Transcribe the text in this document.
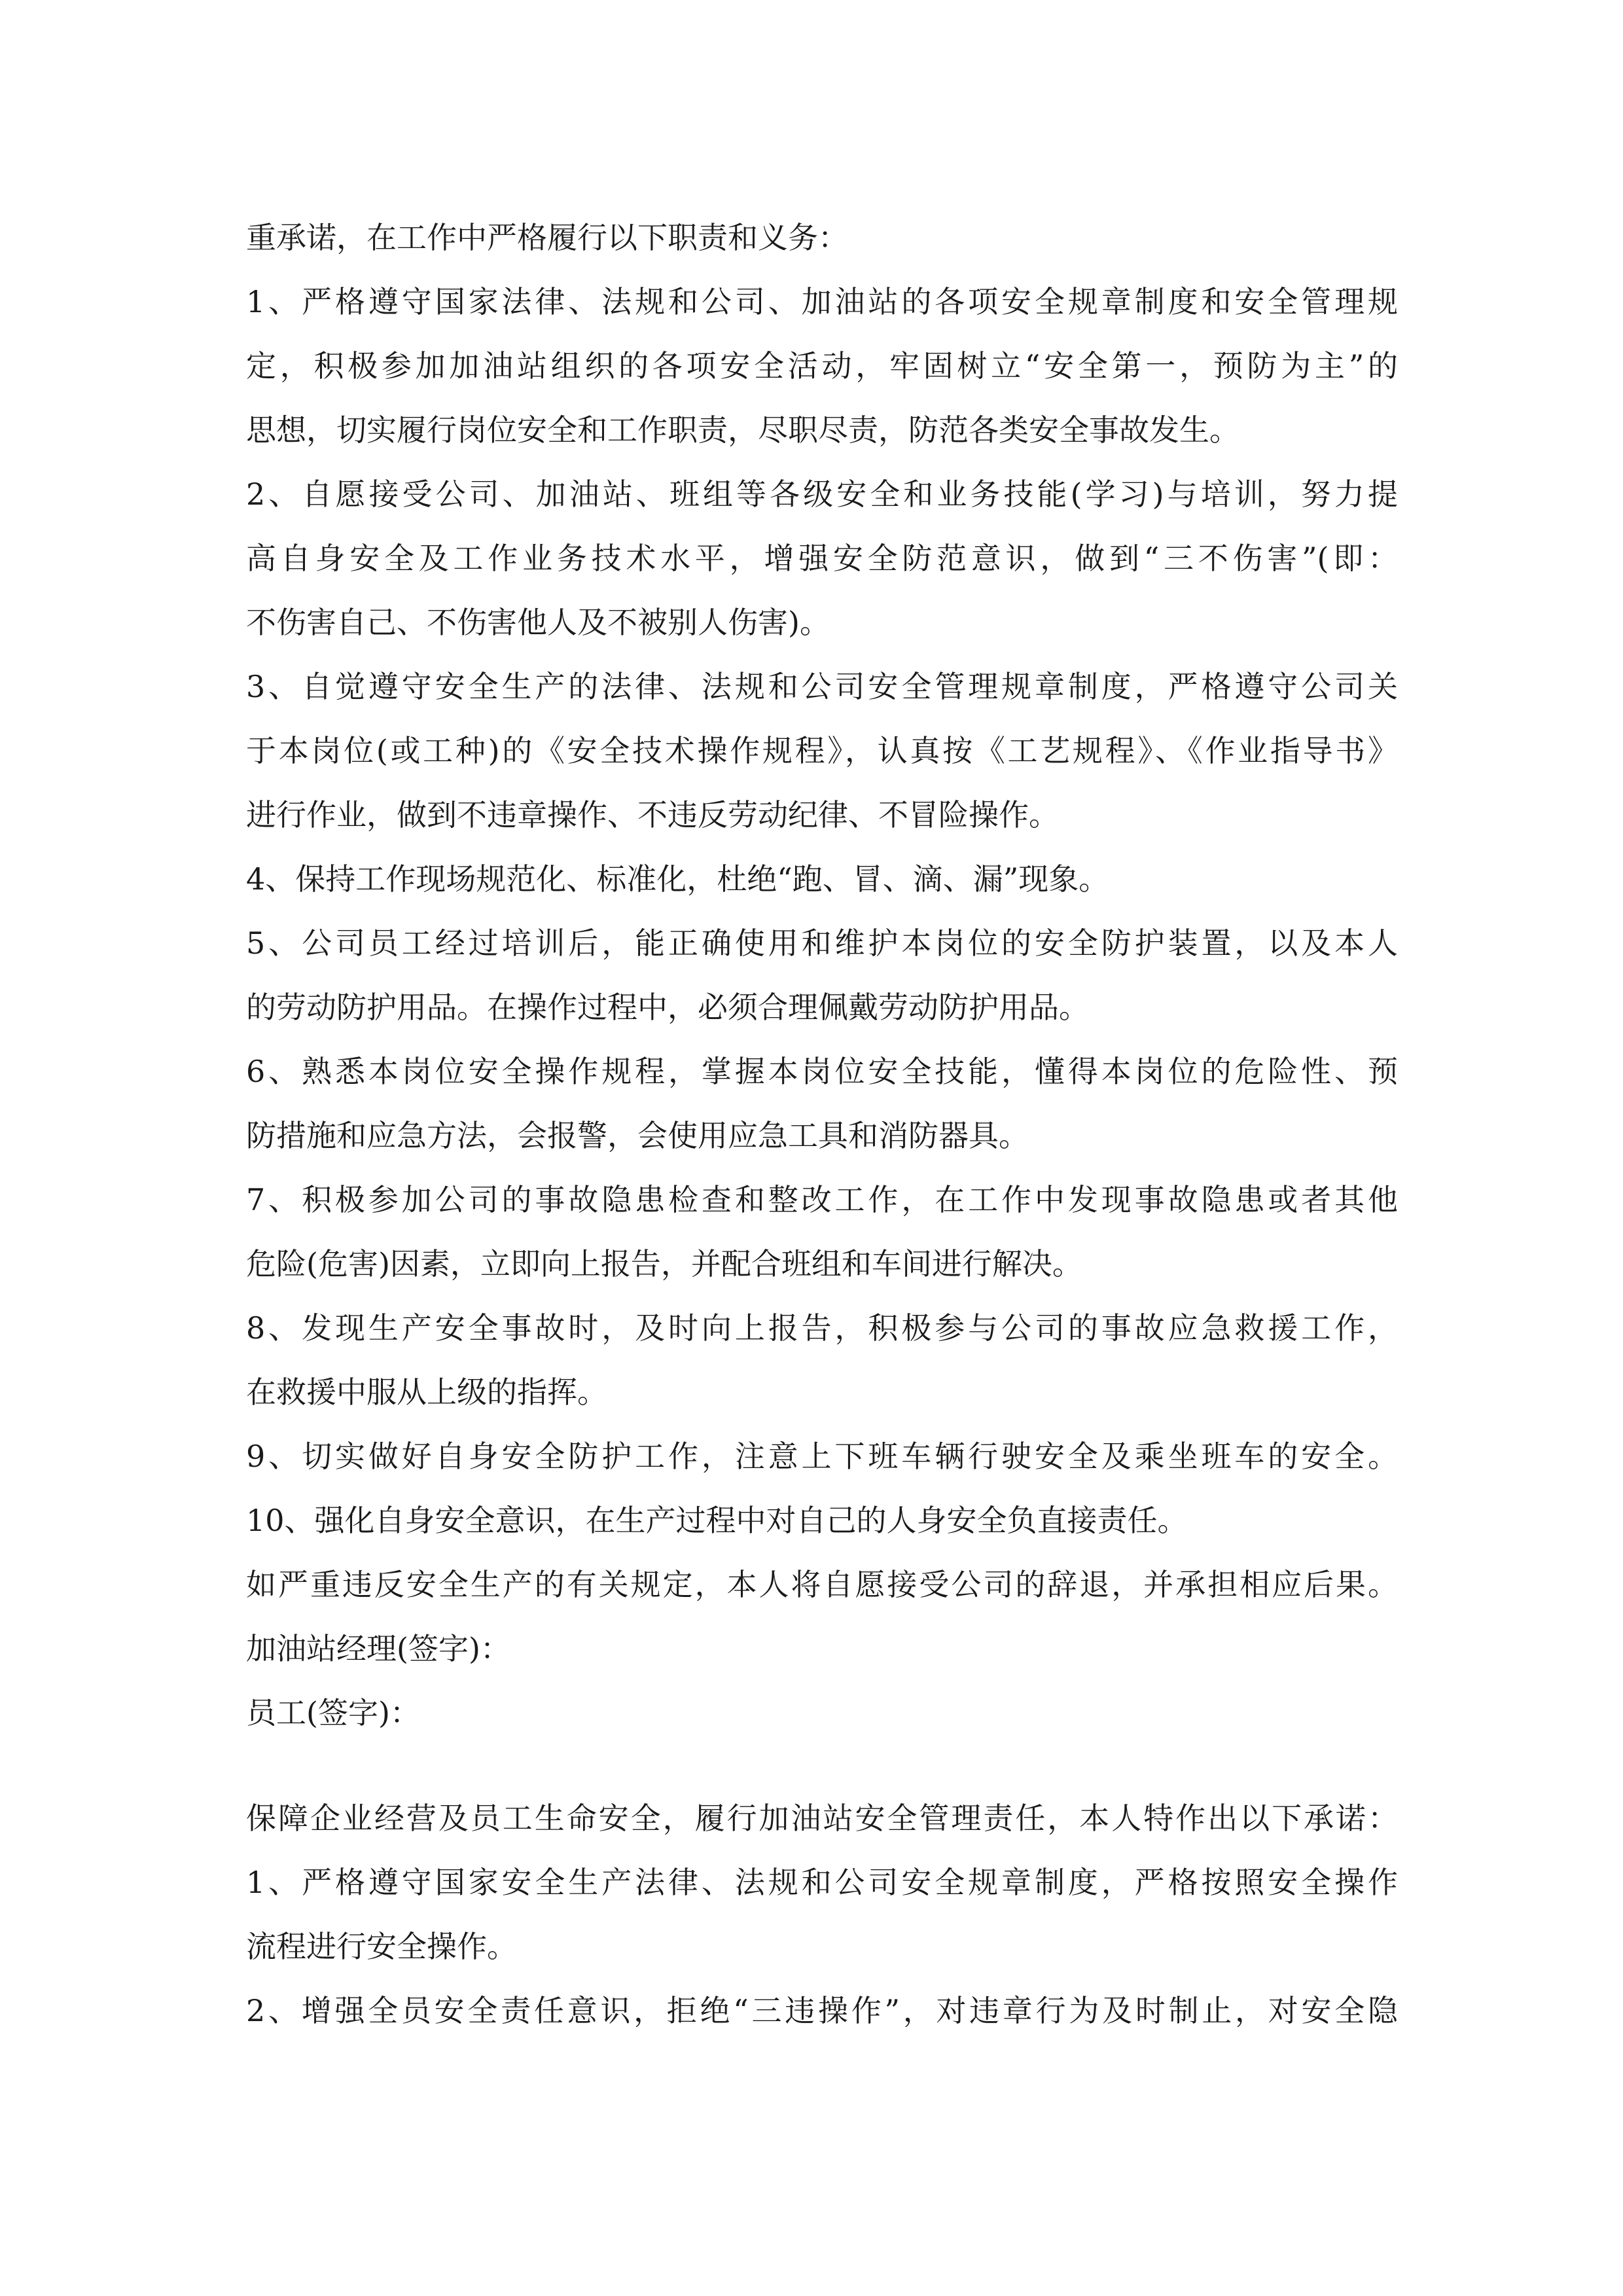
重承诺，在工作中严格履行以下职责和义务：
1、严格遵守国家法律、法规和公司、加油站的各项安全规章制度和安全管理规
定，积极参加加油站组织的各项安全活动，牢固树立“安全第一，预防为主”的
思想，切实履行岗位安全和工作职责，尽职尽责，防范各类安全事故发生。
2、自愿接受公司、加油站、班组等各级安全和业务技能(学习)与培训，努力提
高自身安全及工作业务技术水平，增强安全防范意识，做到“三不伤害”(即：
不伤害自己、不伤害他人及不被别人伤害)。
3、自觉遵守安全生产的法律、法规和公司安全管理规章制度，严格遵守公司关
于本岗位(或工种)的《安全技术操作规程》，认真按《工艺规程》、《作业指导书》
进行作业，做到不违章操作、不违反劳动纪律、不冒险操作。
4、保持工作现场规范化、标准化，杜绝“跑、冒、滴、漏”现象。
5、公司员工经过培训后，能正确使用和维护本岗位的安全防护装置，以及本人
的劳动防护用品。在操作过程中，必须合理佩戴劳动防护用品。
6、熟悉本岗位安全操作规程，掌握本岗位安全技能，懂得本岗位的危险性、预
防措施和应急方法，会报警，会使用应急工具和消防器具。
7、积极参加公司的事故隐患检查和整改工作，在工作中发现事故隐患或者其他
危险(危害)因素，立即向上报告，并配合班组和车间进行解决。
8、发现生产安全事故时，及时向上报告，积极参与公司的事故应急救援工作，
在救援中服从上级的指挥。
9、切实做好自身安全防护工作，注意上下班车辆行驶安全及乘坐班车的安全。
10、强化自身安全意识，在生产过程中对自己的人身安全负直接责任。
如严重违反安全生产的有关规定，本人将自愿接受公司的辞退，并承担相应后果。
加油站经理(签字)：
员工(签字)：
保障企业经营及员工生命安全，履行加油站安全管理责任，本人特作出以下承诺：
1、严格遵守国家安全生产法律、法规和公司安全规章制度，严格按照安全操作
流程进行安全操作。
2、增强全员安全责任意识，拒绝“三违操作”，对违章行为及时制止，对安全隐
